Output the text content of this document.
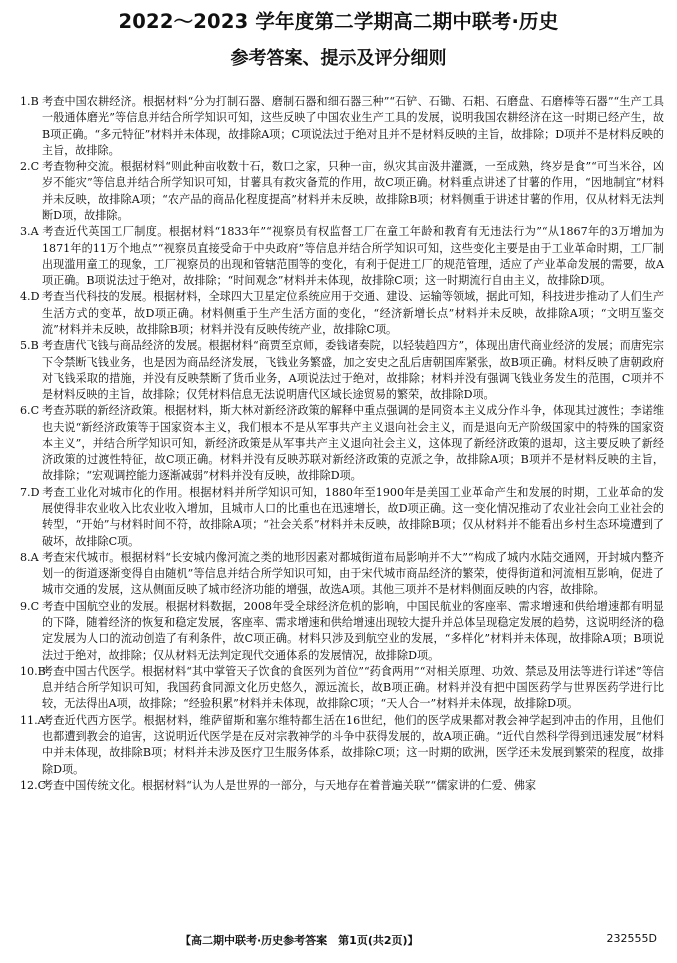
2022～2023 学年度第二学期高二期中联考·历史
参考答案、提示及评分细则

1.B 考查中国农耕经济。根据材料“分为打制石器、磨制石器和细石器三种”“石铲、石锄、石耜、石磨盘、石磨棒等石器”“生产工具一般通体磨光”等信息并结合所学知识可知，这些反映了中国农业生产工具的发展，说明我国农耕经济在这一时期已经产生，故B项正确。“多元特征”材料并未体现，故排除A项；C项说法过于绝对且并不是材料反映的主旨，故排除；D项并不是材料反映的主旨，故排除。

2.C 考查物种交流。根据材料“则此种亩收数十石，数口之家，只种一亩，纵灾其亩汲井灌溉，一至成熟，终岁是食”“可当米谷，凶岁不能灾”等信息并结合所学知识可知，甘薯具有救灾备荒的作用，故C项正确。材料重点讲述了甘薯的作用，“因地制宜”材料并未反映，故排除A项；“农产品的商品化程度提高”材料并未反映，故排除B项；材料侧重于讲述甘薯的作用，仅从材料无法判断D项，故排除。

3.A 考查近代英国工厂制度。根据材料“1833年”“视察员有权监督工厂在童工年龄和教育有无违法行为”“从1867年的3万增加为1871年的11万个地点”“视察员直接受命于中央政府”等信息并结合所学知识可知，这些变化主要是由于工业革命时期，工厂制出现滥用童工的现象，工厂视察员的出现和管辖范围等的变化，有利于促进工厂的规范管理，适应了产业革命发展的需要，故A项正确。B项说法过于绝对，故排除；“时间观念”材料并未体现，故排除C项；这一时期流行自由主义，故排除D项。

4.D 考查当代科技的发展。根据材料，全球四大卫星定位系统应用于交通、建设、运输等领域，据此可知，科技进步推动了人们生产生活方式的变革，故D项正确。材料侧重于生产生活方面的变化，“经济新增长点”材料并未反映，故排除A项；“文明互鉴交流”材料并未反映，故排除B项；材料并没有反映传统产业，故排除C项。

5.B 考查唐代飞钱与商品经济的发展。根据材料“商贾至京师，委钱诸奏院，以轻装趋四方”，体现出唐代商业经济的发展；而唐宪宗下令禁断飞钱业务，也是因为商品经济发展，飞钱业务繁盛，加之安史之乱后唐朝国库紧张，故B项正确。材料反映了唐朝政府对飞钱采取的措施，并没有反映禁断了货币业务，A项说法过于绝对，故排除；材料并没有强调飞钱业务发生的范围，C项并不是材料反映的主旨，故排除；仅凭材料信息无法说明唐代区域长途贸易的繁荣，故排除D项。

6.C 考查苏联的新经济政策。根据材料，斯大林对新经济政策的解释中重点强调的是同资本主义成分作斗争，体现其过渡性；李诺维也夫说“新经济政策等于国家资本主义，我们根本不是从军事共产主义退向社会主义，而是退向无产阶级国家中的特殊的国家资本主义”，并结合所学知识可知，新经济政策是从军事共产主义退向社会主义，这体现了新经济政策的退却，这主要反映了新经济政策的过渡性特征，故C项正确。材料并没有反映苏联对新经济政策的克派之争，故排除A项；B项并不是材料反映的主旨，故排除；“宏观调控能力逐渐减弱”材料并没有反映，故排除D项。

7.D 考查工业化对城市化的作用。根据材料并所学知识可知，1880年至1900年是美国工业革命产生和发展的时期，工业革命的发展使得非农业收入比农业收入增加，且城市人口的比重也在迅速增长，故D项正确。这一变化情况推动了农业社会向工业社会的转型，“开始”与材料时间不符，故排除A项；“社会关系”材料并未反映，故排除B项；仅从材料并不能看出乡村生态环境遭到了破坏，故排除C项。

8.A 考查宋代城市。根据材料“长安城内像河流之类的地形因素对都城街道布局影响并不大”“构成了城内水陆交通网，开封城内整齐划一的街道逐渐变得自由随机”等信息并结合所学知识可知，由于宋代城市商品经济的繁荣，使得街道和河流相互影响，促进了城市交通的发展，这从侧面反映了城市经济功能的增强，故选A项。其他三项并不是材料侧面反映的内容，故排除。

9.C 考查中国航空业的发展。根据材料数据，2008年受全球经济危机的影响，中国民航业的客座率、需求增速和供给增速都有明显的下降，随着经济的恢复和稳定发展，客座率、需求增速和供给增速出现较大提升并总体呈现稳定发展的趋势，这说明经济的稳定发展为人口的流动创造了有利条件，故C项正确。材料只涉及到航空业的发展，“多样化”材料并未体现，故排除A项；B项说法过于绝对，故排除；仅从材料无法判定现代交通体系的发展情况，故排除D项。

10.B考查中国古代医学。根据材料“其中掌管天子饮食的食医列为首位”“药食两用”“对相关原理、功效、禁忌及用法等进行详述”等信息并结合所学知识可知，我国药食同源文化历史悠久，源远流长，故B项正确。材料并没有把中国医药学与世界医药学进行比较，无法得出A项，故排除；“经验积累”材料并未体现，故排除C项；“天人合一”材料并未体现，故排除D项。

11.A考查近代西方医学。根据材料，维萨留斯和塞尔维特都生活在16世纪，他们的医学成果都对教会神学起到冲击的作用，且他们也都遭到教会的追害，这说明近代医学是在反对宗教神学的斗争中获得发展的，故A项正确。“近代自然科学得到迅速发展”材料中并未体现，故排除B项；材料并未涉及医疗卫生服务体系，故排除C项；这一时期的欧洲，医学还未发展到繁荣的程度，故排除D项。

12.C考查中国传统文化。根据材料“认为人是世界的一部分，与天地存在着普遍关联”“儒家讲的仁爱、佛家

【高二期中联考·历史参考答案　第1页(共2页)】	232555D
